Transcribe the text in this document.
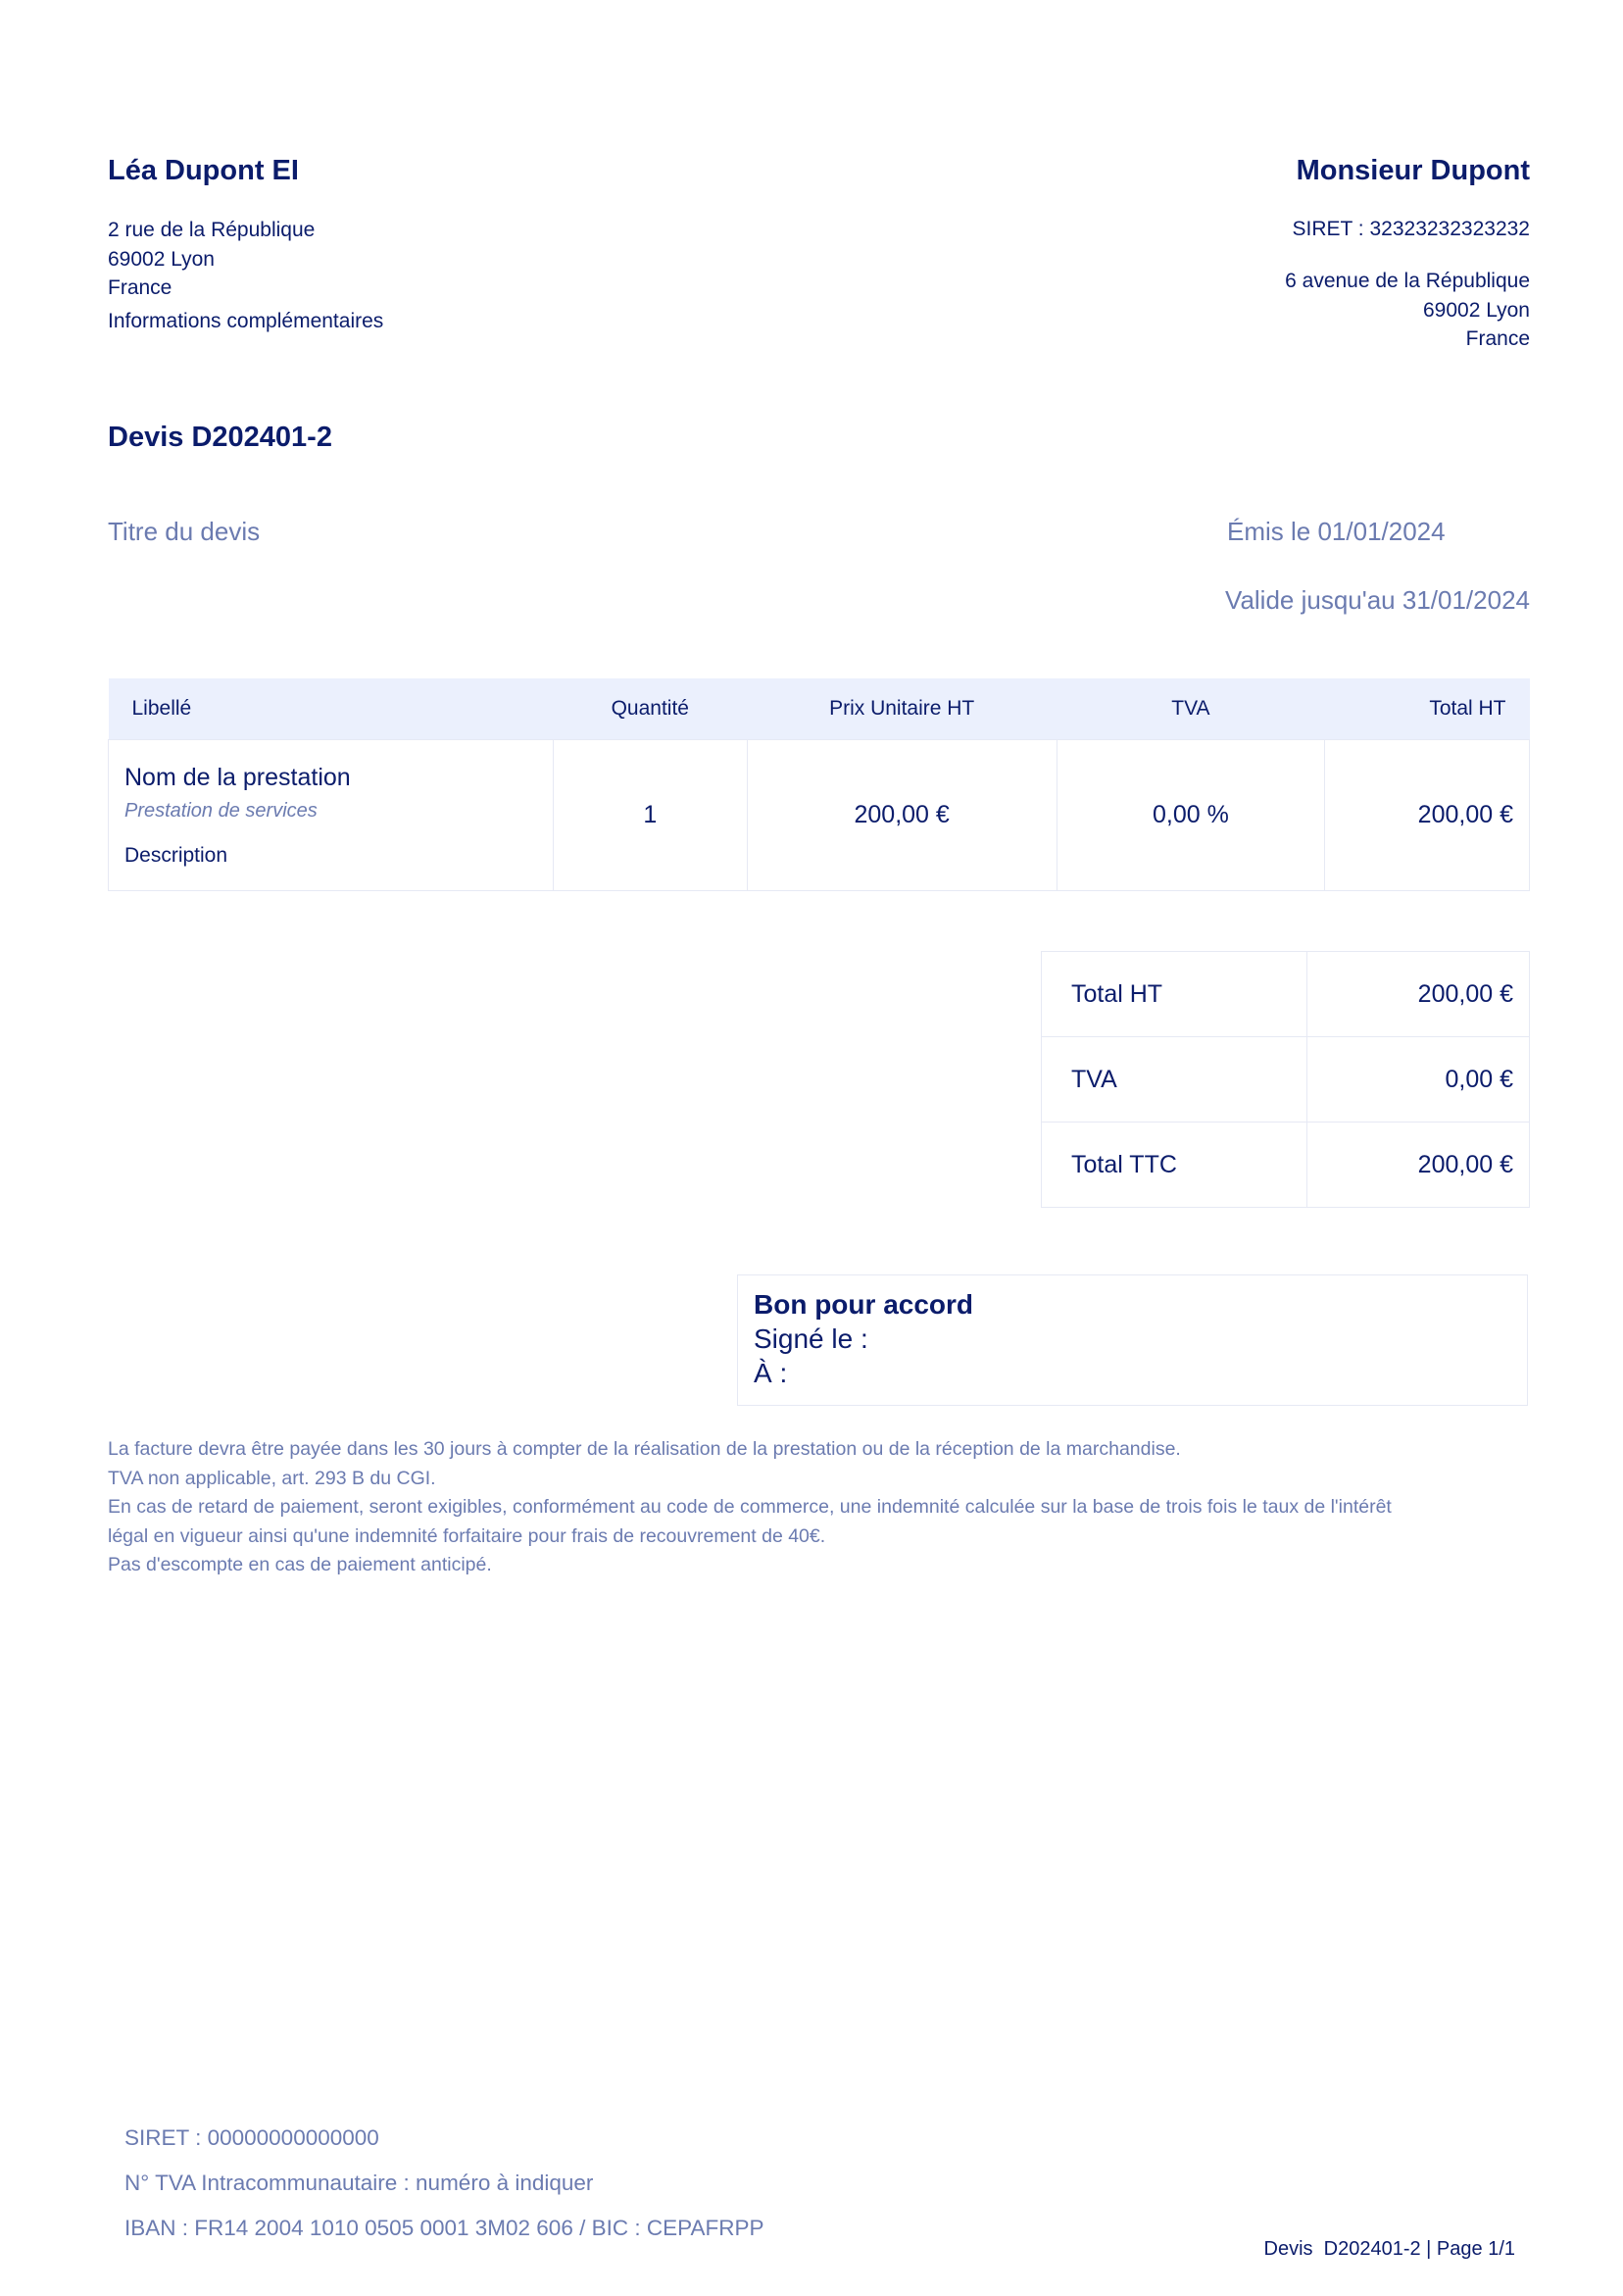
Léa Dupont EI
2 rue de la République
69002 Lyon
France
Informations complémentaires
Monsieur Dupont
SIRET : 32323232323232
6 avenue de la République
69002 Lyon
France
Devis D202401-2
Titre du devis	Émis le 01/01/2024
Valide jusqu'au 31/01/2024
Libellé	Quantité	Prix Unitaire HT	TVA	Total HT

Nom de la prestation
Prestation de services
Description	1	200,00 €	0,00 %	200,00 €
Total HT	200,00 €
TVA	0,00 €
Total TTC	200,00 €
Bon pour accord
Signé le :
À :
La facture devra être payée dans les 30 jours à compter de la réalisation de la prestation ou de la réception de la marchandise.
TVA non applicable, art. 293 B du CGI.
En cas de retard de paiement, seront exigibles, conformément au code de commerce, une indemnité calculée sur la base de trois fois le taux de l'intérêt
légal en vigueur ainsi qu'une indemnité forfaitaire pour frais de recouvrement de 40€.
Pas d'escompte en cas de paiement anticipé.
SIRET : 00000000000000
N° TVA Intracommunautaire : numéro à indiquer
IBAN : FR14 2004 1010 0505 0001 3M02 606 / BIC : CEPAFRPP
Devis  D202401-2 | Page 1/1
